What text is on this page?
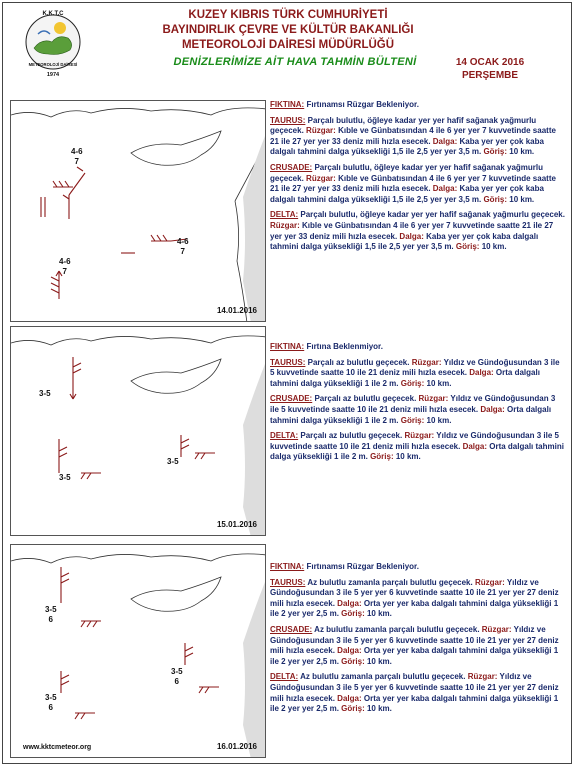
K.K.T.C
METEOROLOJİ DAİRESİ
1974
KUZEY KIBRIS TÜRK CUMHURİYETİ
BAYINDIRLIK ÇEVRE VE KÜLTÜR BAKANLIĞI
METEOROLOJİ DAİRESİ MÜDÜRLÜĞÜ
DENİZLERİMİZE AİT HAVA TAHMİN BÜLTENİ	14 OCAK 2016
PERŞEMBE
4-6
7
4-6
7
4-6
7
14.01.2016
3-5
3-5
3-5
15.01.2016
3-5
6
3-5
6
3-5
6
www.kktcmeteor.org	16.01.2016

FIKTINA: Fırtınamsı Rüzgar Bekleniyor.

TAURUS: Parçalı bulutlu, öğleye kadar yer yer hafif sağanak yağmurlu geçecek. Rüzgar: Kıble ve Günbatısından 4 ile 6 yer yer 7 kuvvetinde saatte 21 ile 27 yer yer 33 deniz mili hızla esecek. Dalga: Kaba yer yer çok kaba dalgalı tahmini dalga yüksekliği 1,5 ile 2,5 yer yer 3,5 m. Göriş: 10 km.

CRUSADE: Parçalı bulutlu, öğleye kadar yer yer hafif sağanak yağmurlu geçecek. Rüzgar: Kıble ve Günbatısından 4 ile 6 yer yer 7 kuvvetinde saatte 21 ile 27 yer yer 33 deniz mili hızla esecek. Dalga: Kaba yer yer çok kaba dalgalı tahmini dalga yüksekliği 1,5 ile 2,5 yer yer 3,5 m. Göriş: 10 km.

DELTA: Parçalı bulutlu, öğleye kadar yer yer hafif sağanak yağmurlu geçecek. Rüzgar: Kıble ve Günbatısından 4 ile 6 yer yer 7 kuvvetinde saatte 21 ile 27 yer yer 33 deniz mili hızla esecek. Dalga: Kaba yer yer çok kaba dalgalı tahmini dalga yüksekliği 1,5 ile 2,5 yer yer 3,5 m. Göriş: 10 km.

FIKTINA: Fırtına Beklenmiyor.

TAURUS: Parçalı az bulutlu geçecek. Rüzgar: Yıldız ve Gündoğusundan 3 ile 5 kuvvetinde saatte 10 ile 21 deniz mili hızla esecek. Dalga: Orta dalgalı tahmini dalga yüksekliği 1 ile 2 m. Göriş: 10 km.

CRUSADE: Parçalı az bulutlu geçecek. Rüzgar: Yıldız ve Gündoğusundan 3 ile 5 kuvvetinde saatte 10 ile 21 deniz mili hızla esecek. Dalga: Orta dalgalı tahmini dalga yüksekliği 1 ile 2 m. Göriş: 10 km.

DELTA: Parçalı az bulutlu geçecek. Rüzgar: Yıldız ve Gündoğusundan 3 ile 5 kuvvetinde saatte 10 ile 21 deniz mili hızla esecek. Dalga: Orta dalgalı tahmini dalga yüksekliği 1 ile 2 m. Göriş: 10 km.

FIKTINA: Fırtınamsı Rüzgar Bekleniyor.

TAURUS: Az bulutlu zamanla parçalı bulutlu geçecek. Rüzgar: Yıldız ve Gündoğusundan 3 ile 5 yer yer 6 kuvvetinde saatte 10 ile 21 yer yer 27 deniz mili hızla esecek. Dalga: Orta yer yer kaba dalgalı tahmini dalga yüksekliği 1 ile 2 yer yer 2,5 m. Göriş: 10 km.

CRUSADE: Az bulutlu zamanla parçalı bulutlu geçecek. Rüzgar: Yıldız ve Gündoğusundan 3 ile 5 yer yer 6 kuvvetinde saatte 10 ile 21 yer yer 27 deniz mili hızla esecek. Dalga: Orta yer yer kaba dalgalı tahmini dalga yüksekliği 1 ile 2 yer yer 2,5 m. Göriş: 10 km.

DELTA: Az bulutlu zamanla parçalı bulutlu geçecek. Rüzgar: Yıldız ve Gündoğusundan 3 ile 5 yer yer 6 kuvvetinde saatte 10 ile 21 yer yer 27 deniz mili hızla esecek. Dalga: Orta yer yer kaba dalgalı tahmini dalga yüksekliği 1 ile 2 yer yer 2,5 m. Göriş: 10 km.
